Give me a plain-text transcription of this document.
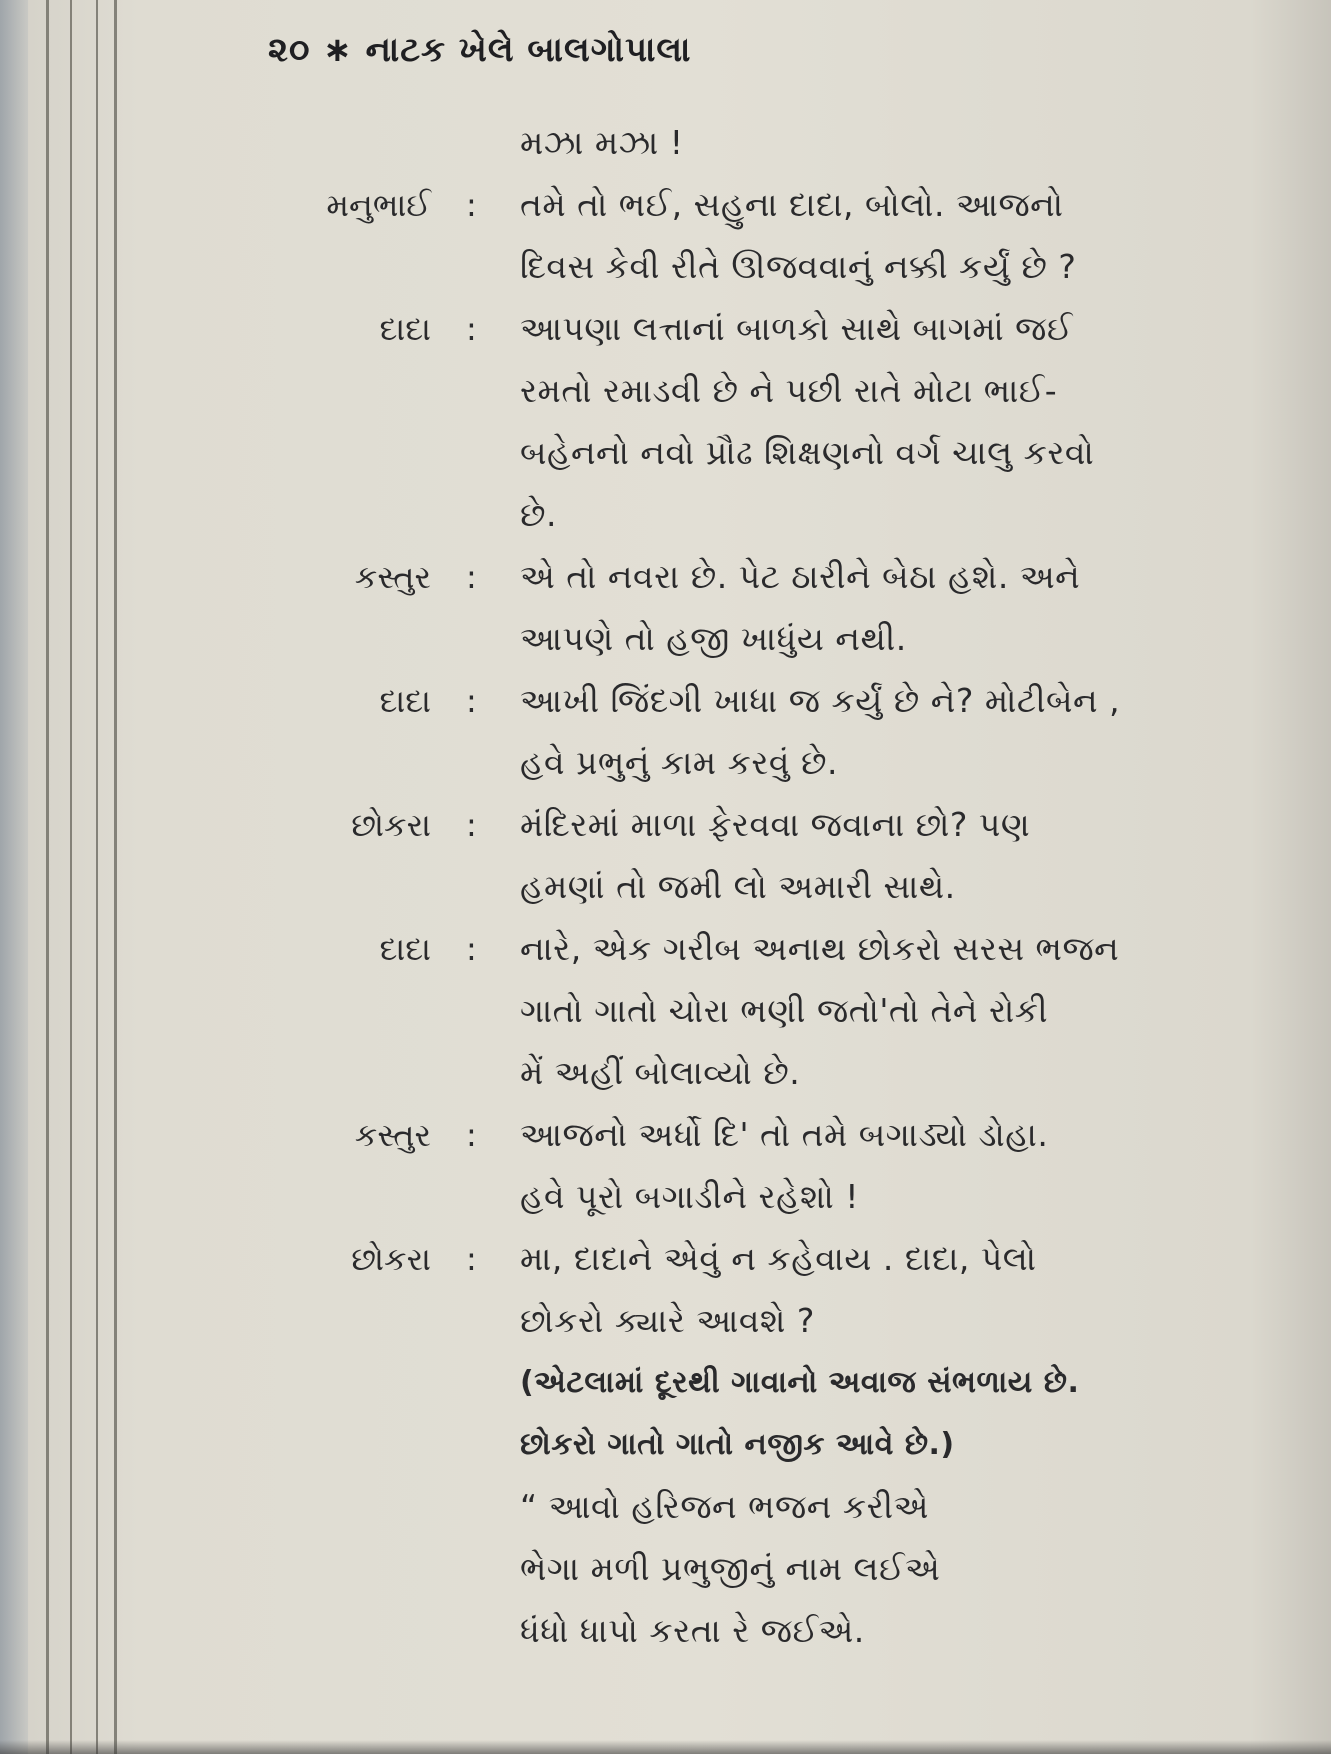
૨૦ ∗ નાટક ખેલે બાલગોપાલા
મઝા મઝા !
મનુભાઈ : તમે તો ભઈ, સહુના દાદા, બોલો. આજનો
દિવસ કેવી રીતે ઊજવવાનું નક્કી કર્યું છે ?
દાદા : આપણા લત્તાનાં બાળકો સાથે બાગમાં જઈ
રમતો રમાડવી છે ને પછી રાતે મોટા ભાઈ-
બહેનનો નવો પ્રૌઢ શિક્ષણનો વર્ગ ચાલુ કરવો
છે.
કસ્તુર : એ તો નવરા છે. પેટ ઠારીને બેઠા હશે. અને
આપણે તો હજી ખાધુંય નથી.
દાદા : આખી જિંદગી ખાધા જ કર્યું છે ને? મોટીબેન ,
હવે પ્રભુનું કામ કરવું છે.
છોકરા : મંદિરમાં માળા ફેરવવા જવાના છો? પણ
હમણાં તો જમી લો અમારી સાથે.
દાદા : નારે, એક ગરીબ અનાથ છોકરો સરસ ભજન
ગાતો ગાતો ચોરા ભણી જતો'તો તેને રોકી
મેં અહીં બોલાવ્યો છે.
કસ્તુર : આજનો અર્ધો દિ' તો તમે બગાડ્યો ડોહા.
હવે પૂરો બગાડીને રહેશો !
છોકરા : મા, દાદાને એવું ન કહેવાય . દાદા, પેલો
છોકરો ક્યારે આવશે ?
(એટલામાં દૂરથી ગાવાનો અવાજ સંભળાય છે.
છોકરો ગાતો ગાતો નજીક આવે છે.)
“ આવો હરિજન ભજન કરીએ
ભેગા મળી પ્રભુજીનું નામ લઈએ
ધંધો ધાપો કરતા રે જઈએ.
